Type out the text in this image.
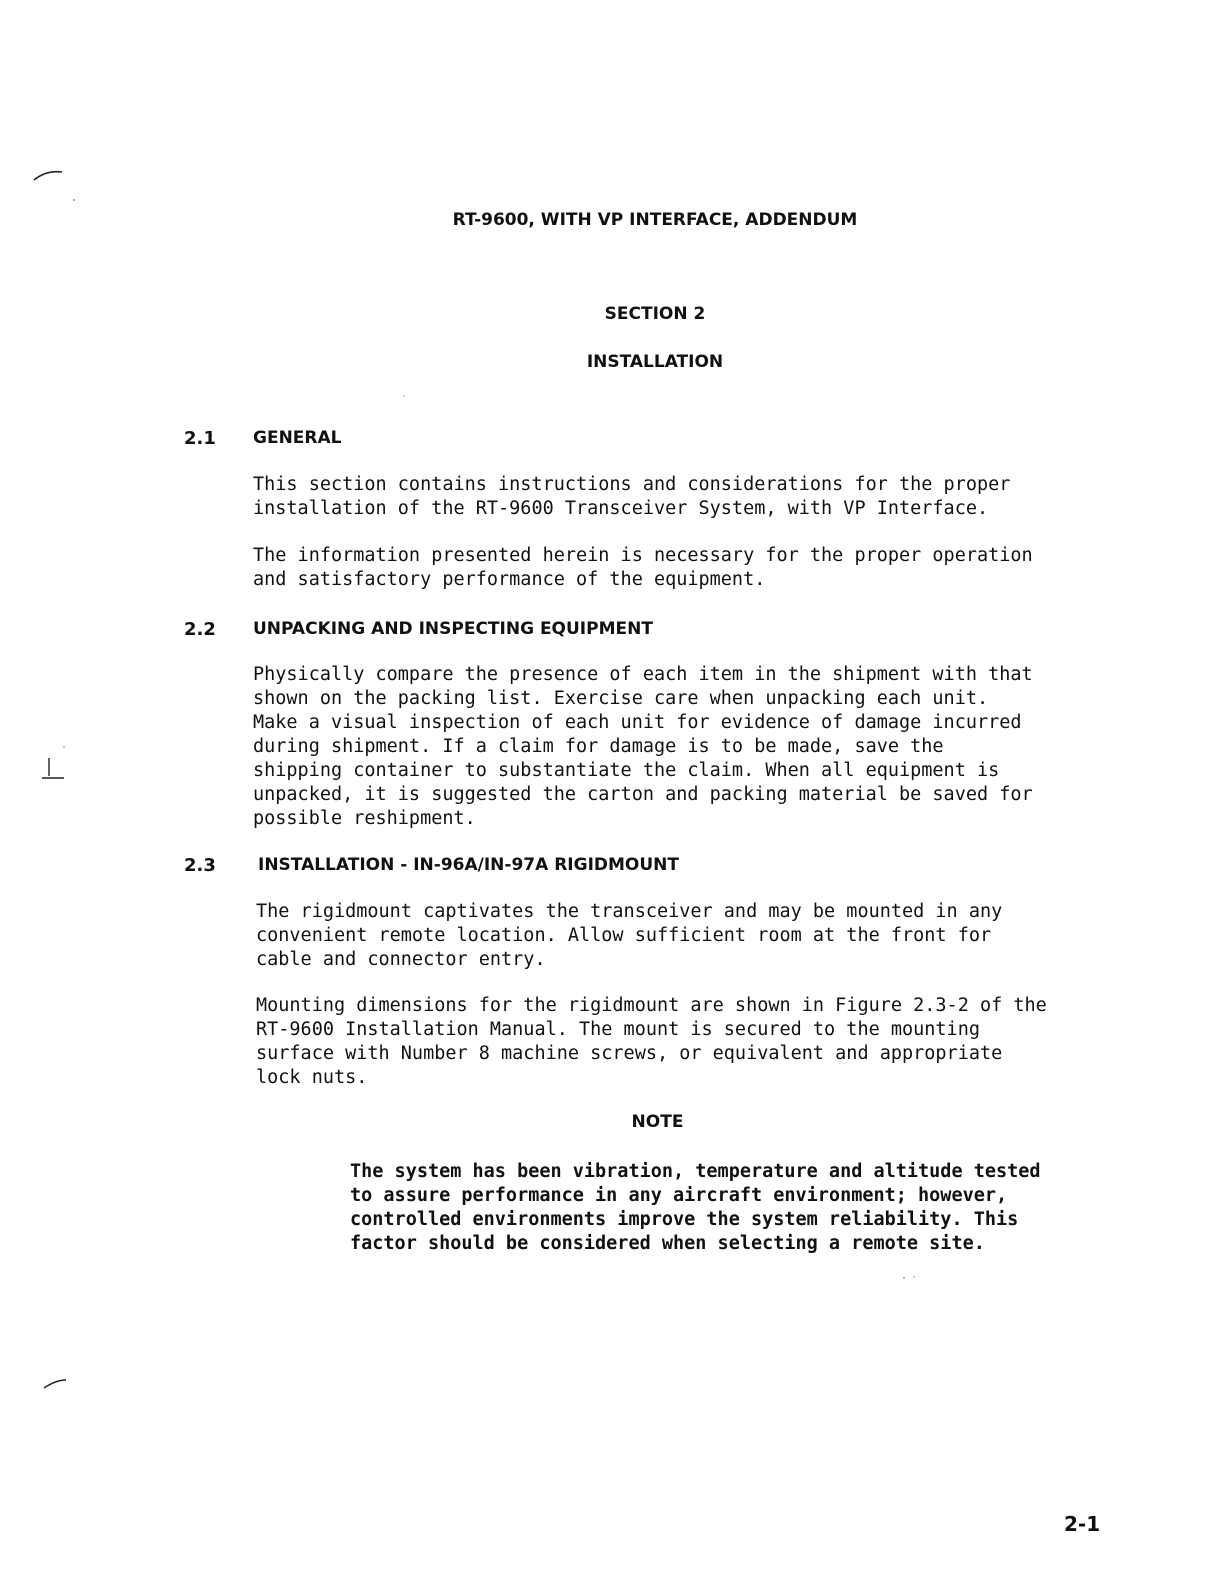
RT-9600, WITH VP INTERFACE, ADDENDUM
SECTION 2
INSTALLATION
2.1 GENERAL
This section contains instructions and considerations for the proper
installation of the RT-9600 Transceiver System, with VP Interface.
The information presented herein is necessary for the proper operation
and satisfactory performance of the equipment.
2.2 UNPACKING AND INSPECTING EQUIPMENT
Physically compare the presence of each item in the shipment with that
shown on the packing list. Exercise care when unpacking each unit.
Make a visual inspection of each unit for evidence of damage incurred
during shipment. If a claim for damage is to be made, save the
shipping container to substantiate the claim. When all equipment is
unpacked, it is suggested the carton and packing material be saved for
possible reshipment.
2.3 INSTALLATION - IN-96A/IN-97A RIGIDMOUNT
The rigidmount captivates the transceiver and may be mounted in any
convenient remote location. Allow sufficient room at the front for
cable and connector entry.
Mounting dimensions for the rigidmount are shown in Figure 2.3-2 of the
RT-9600 Installation Manual. The mount is secured to the mounting
surface with Number 8 machine screws, or equivalent and appropriate
lock nuts.
NOTE
The system has been vibration, temperature and altitude tested
to assure performance in any aircraft environment; however,
controlled environments improve the system reliability. This
factor should be considered when selecting a remote site.
2-1
